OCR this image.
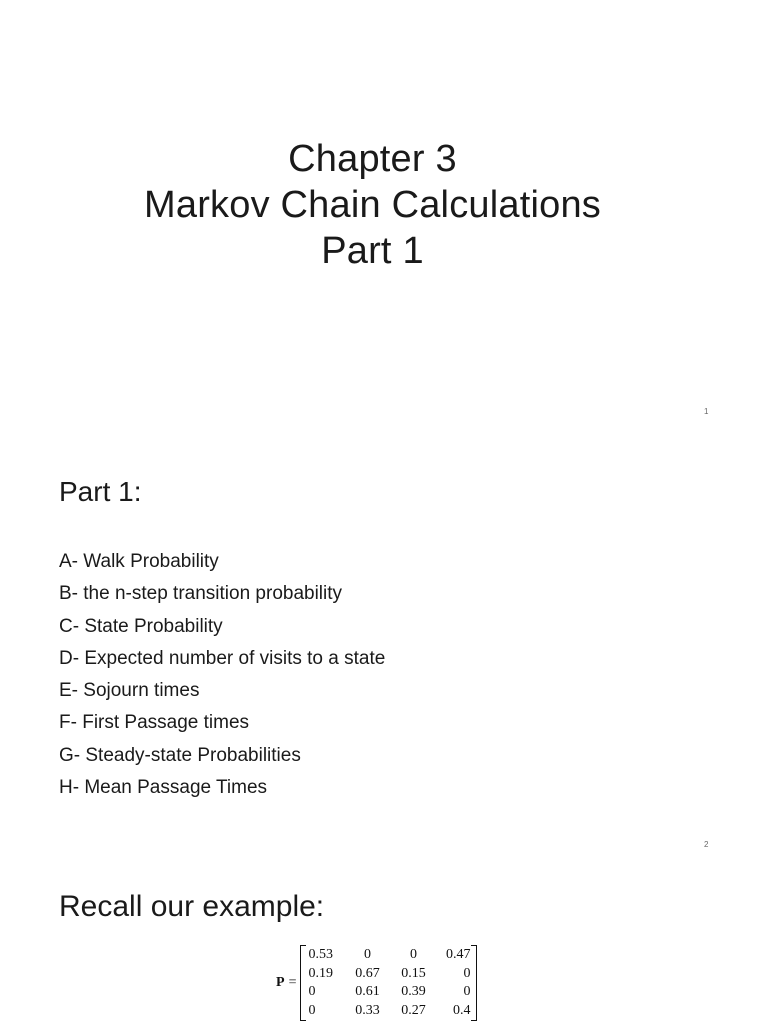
Chapter 3
Markov Chain Calculations
Part 1
1
Part 1:
A- Walk Probability
B- the n-step transition probability
C- State Probability
D- Expected number of visits to a state
E- Sojourn times
F- First Passage times
G- Steady-state Probabilities
H- Mean Passage Times
2
Recall our example:
P =
0.53	0	0	0.47
0.19	0.67	0.15	0
0	0.61	0.39	0
0	0.33	0.27	0.4
